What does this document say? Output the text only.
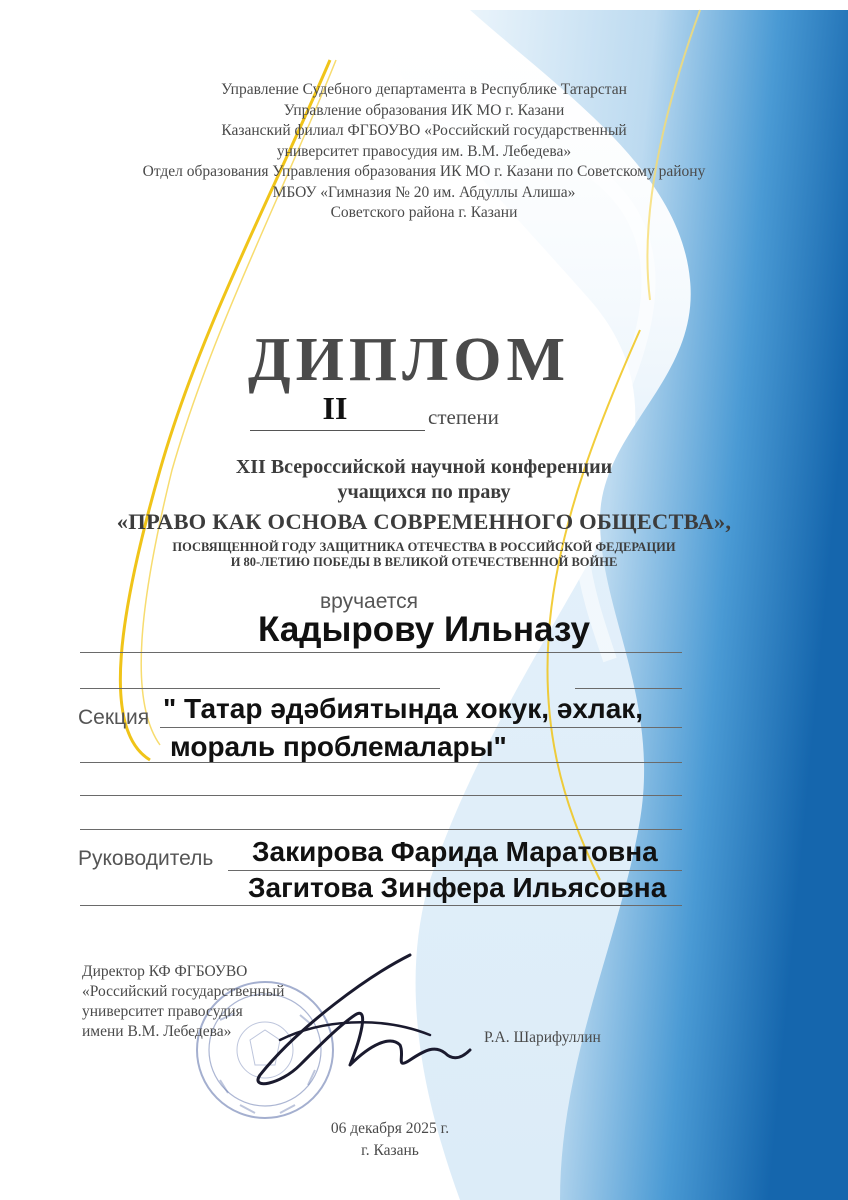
Управление Судебного департамента в Республике Татарстан
Управление образования ИК МО г. Казани
Казанский филиал ФГБОУВО «Российский государственный
университет правосудия им. В.М. Лебедева»
Отдел образования Управления образования ИК МО г. Казани по Советскому району
МБОУ «Гимназия № 20 им. Абдуллы Алиша»
Советского района г. Казани
ДИПЛОМ
II	степени
XII Всероссийской научной конференции
учащихся по праву
«ПРАВО КАК ОСНОВА СОВРЕМЕННОГО ОБЩЕСТВА»,
ПОСВЯЩЕННОЙ ГОДУ ЗАЩИТНИКА ОТЕЧЕСТВА В РОССИЙСКОЙ ФЕДЕРАЦИИ
И 80-ЛЕТИЮ ПОБЕДЫ В ВЕЛИКОЙ ОТЕЧЕСТВЕННОЙ ВОЙНЕ
вручается
Кадырову Ильназу
Секция " Татар әдәбиятында хокук, әхлак,
мораль проблемалары"
Руководитель Закирова Фарида Маратовна
Загитова Зинфера Ильясовна
Директор КФ ФГБОУВО
«Российский государственный
университет правосудия
имени В.М. Лебедева»	Р.А. Шарифуллин
06 декабря 2025 г.
г. Казань
